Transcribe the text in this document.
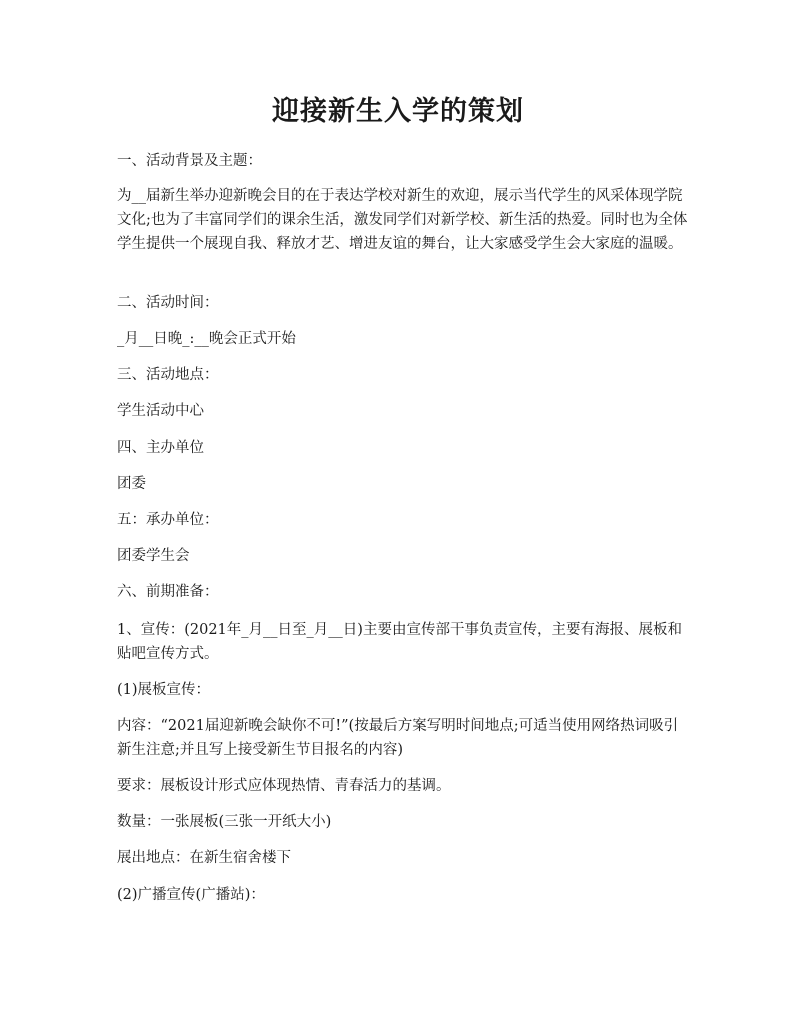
迎接新生入学的策划

一、活动背景及主题：

为__届新生举办迎新晚会目的在于表达学校对新生的欢迎，展示当代学生的风采体现学院文化;也为了丰富同学们的课余生活，激发同学们对新学校、新生活的热爱。同时也为全体学生提供一个展现自我、释放才艺、增进友谊的舞台，让大家感受学生会大家庭的温暖。

二、活动时间：

_月__日晚_:__晚会正式开始

三、活动地点：

学生活动中心

四、主办单位

团委

五：承办单位：

团委学生会

六、前期准备：

1、宣传：(2021年_月__日至_月__日)主要由宣传部干事负责宣传，主要有海报、展板和贴吧宣传方式。

(1)展板宣传：

内容：“2021届迎新晚会缺你不可!”(按最后方案写明时间地点;可适当使用网络热词吸引新生注意;并且写上接受新生节目报名的内容)

要求：展板设计形式应体现热情、青春活力的基调。

数量：一张展板(三张一开纸大小)

展出地点：在新生宿舍楼下

(2)广播宣传(广播站)：
